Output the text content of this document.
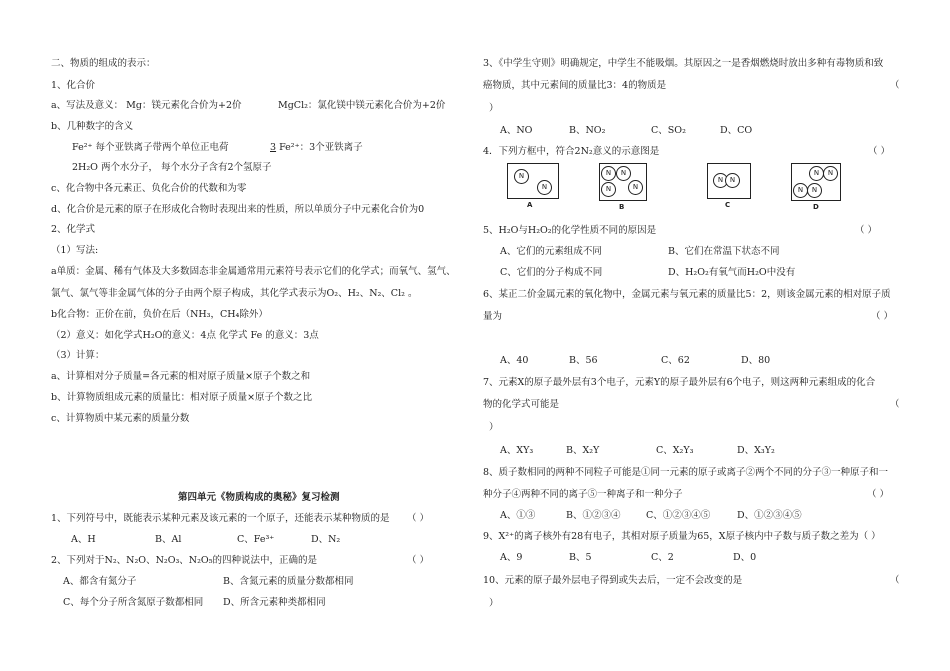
二、物质的组成的表示：
1、化合价
a、写法及意义： Mg：镁元素化合价为+2价	MgCl₂：氯化镁中镁元素化合价为+2价
b、几种数字的含义
Fe²⁺ 每个亚铁离子带两个单位正电荷	3 Fe²⁺：3个亚铁离子
2H₂O 两个水分子， 每个水分子含有2个氢原子
c、化合物中各元素正、负化合价的代数和为零
d、化合价是元素的原子在形成化合物时表现出来的性质，所以单质分子中元素化合价为0
2、化学式
（1）写法:
a单质：金属、稀有气体及大多数固态非金属通常用元素符号表示它们的化学式；而氧气、氢气、
氯气、氯气等非金属气体的分子由两个原子构成，其化学式表示为O₂、H₂、N₂、Cl₂ 。
b化合物：正价在前，负价在后（NH₃，CH₄除外）
（2）意义：如化学式H₂O的意义：4点 化学式 Fe 的意义：3点
（3）计算：
a、计算相对分子质量=各元素的相对原子质量×原子个数之和
b、计算物质组成元素的质量比：相对原子质量×原子个数之比
c、计算物质中某元素的质量分数
第四单元《物质构成的奥秘》复习检测
1、下列符号中，既能表示某种元素及该元素的一个原子，还能表示某种物质的是 （ ）
A、H	B、Al	C、Fe³⁺	D、N₂
2、下列对于N₂、N₂O、N₂O₃、N₂O₅的四种说法中，正确的是	（ ）
A、都含有氮分子	B、含氮元素的质量分数都相同
C、每个分子所含氮原子数都相同 D、所含元素种类都相同
3、《中学生守则》明确规定，中学生不能吸烟。其原因之一是香烟燃烧时放出多种有毒物质和致
癌物质，其中元素间的质量比3：4的物质是	（
）
A、NO	B、NO₂	C、SO₂	D、CO
4．下列方框中，符合2N₂意义的示意图是	（ ）
N
N
A
N
N
N
N
B
N N
C
N	N
N	N
D
5、H₂O与H₂O₂的化学性质不同的原因是	（ ）
A、它们的元素组成不同	B、它们在常温下状态不同
C、它们的分子构成不同	D、H₂O₂有氧气而H₂O中没有
6、某正二价金属元素的氧化物中，金属元素与氧元素的质量比5：2，则该金属元素的相对原子质
量为	（ ）
A、40	B、56	C、62	D、80
7、元素X的原子最外层有3个电子，元素Y的原子最外层有6个电子，则这两种元素组成的化合
物的化学式可能是	（
）
A、XY₃	B、X₂Y	C、X₂Y₃	D、X₃Y₂
8、质子数相同的两种不同粒子可能是①同一元素的原子或离子②两个不同的分子③一种原子和一
种分子④两种不同的离子⑤一种离子和一种分子	（ ）
A、①③	B、①②③④	C、①②③④⑤	D、①②③④⑤
9、X²⁺的离子核外有28有电子，其相对原子质量为65，X原子核内中子数与质子数之差为（ ）
A、9	B、5	C、2	D、0
10、元素的原子最外层电子得到或失去后，一定不会改变的是	（
）
